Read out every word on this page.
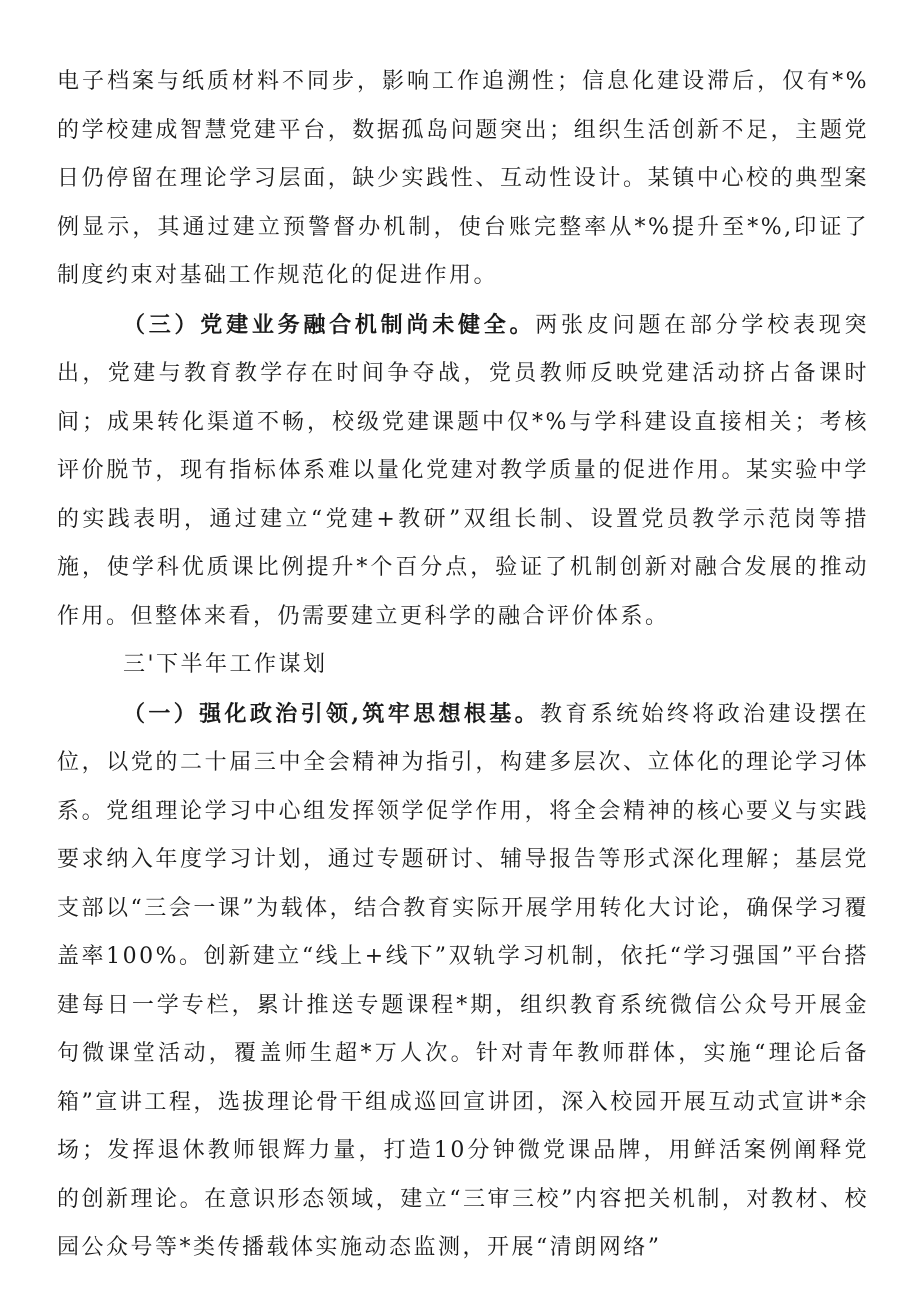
电子档案与纸质材料不同步，影响工作追溯性；信息化建设滞后，仅有*%的学校建成智慧党建平台，数据孤岛问题突出；组织生活创新不足，主题党日仍停留在理论学习层面，缺少实践性、互动性设计。某镇中心校的典型案例显示，其通过建立预警督办机制，使台账完整率从*%提升至*%,印证了制度约束对基础工作规范化的促进作用。

（三）党建业务融合机制尚未健全。两张皮问题在部分学校表现突出，党建与教育教学存在时间争夺战，党员教师反映党建活动挤占备课时间；成果转化渠道不畅，校级党建课题中仅*%与学科建设直接相关；考核评价脱节，现有指标体系难以量化党建对教学质量的促进作用。某实验中学的实践表明，通过建立“党建+教研”双组长制、设置党员教学示范岗等措施，使学科优质课比例提升*个百分点，验证了机制创新对融合发展的推动作用。但整体来看，仍需要建立更科学的融合评价体系。

三'下半年工作谋划

（一）强化政治引领,筑牢思想根基。教育系统始终将政治建设摆在位，以党的二十届三中全会精神为指引，构建多层次、立体化的理论学习体系。党组理论学习中心组发挥领学促学作用，将全会精神的核心要义与实践要求纳入年度学习计划，通过专题研讨、辅导报告等形式深化理解；基层党支部以“三会一课”为载体，结合教育实际开展学用转化大讨论，确保学习覆盖率100%。创新建立“线上+线下”双轨学习机制，依托“学习强国”平台搭建每日一学专栏，累计推送专题课程*期，组织教育系统微信公众号开展金句微课堂活动，覆盖师生超*万人次。针对青年教师群体，实施“理论后备箱”宣讲工程，选拔理论骨干组成巡回宣讲团，深入校园开展互动式宣讲*余场；发挥退休教师银辉力量，打造10分钟微党课品牌，用鲜活案例阐释党的创新理论。在意识形态领域，建立“三审三校”内容把关机制，对教材、校园公众号等*类传播载体实施动态监测，开展“清朗网络”
